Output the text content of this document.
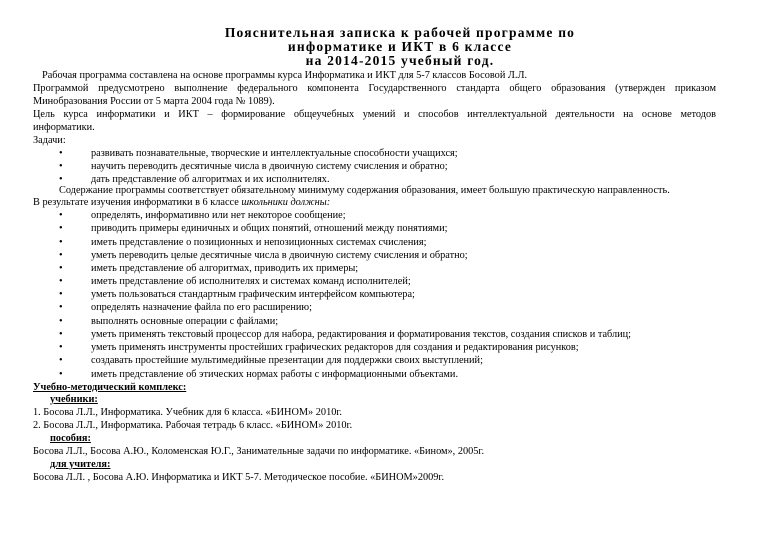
Пояснительная записка к рабочей программе по
информатике и ИКТ в 6 классе
на 2014-2015 учебный год.
Рабочая программа составлена на основе программы курса Информатика и ИКТ для 5-7 классов Босовой Л.Л.
Программой предусмотрено выполнение федерального компонента Государственного стандарта общего образования (утвержден приказом
Минобразования России от 5 марта 2004 года № 1089).
Цель курса информатики и ИКТ – формирование общеучебных умений и способов интеллектуальной деятельности на основе методов
информатики.
Задачи:
•	развивать познавательные, творческие и интеллектуальные способности учащихся;
•	научить переводить десятичные числа в двоичную систему счисления и обратно;
•	дать представление об алгоритмах и их исполнителях.
Содержание программы соответствует обязательному минимуму содержания образования, имеет большую практическую направленность.
В результате изучения информатики в 6 классе школьники должны:
•	определять, информативно или нет некоторое сообщение;
•	приводить примеры единичных и общих понятий, отношений между понятиями;
•	иметь представление о позиционных и непозиционных системах счисления;
•	уметь переводить целые десятичные числа в двоичную систему счисления и обратно;
•	иметь представление об алгоритмах, приводить их примеры;
•	иметь представление об исполнителях и системах команд исполнителей;
•	уметь пользоваться стандартным графическим интерфейсом компьютера;
•	определять назначение файла по его расширению;
•	выполнять основные операции с файлами;
•	уметь применять текстовый процессор для набора, редактирования и форматирования текстов, создания списков и таблиц;
•	уметь применять инструменты простейших графических редакторов для создания и редактирования рисунков;
•	создавать простейшие мультимедийные презентации для поддержки своих выступлений;
•	иметь представление об этических нормах работы с информационными объектами.
Учебно-методический комплекс:
учебники:
1. Босова Л.Л., Информатика. Учебник для 6 класса. «БИНОМ» 2010г.
2. Босова Л.Л., Информатика. Рабочая тетрадь 6 класс. «БИНОМ» 2010г.
пособия:
Босова Л.Л., Босова А.Ю., Коломенская Ю.Г., Занимательные задачи по информатике. «Бином», 2005г.
для учителя:
Босова Л.Л. , Босова А.Ю. Информатика и ИКТ 5-7. Методическое пособие. «БИНОМ»2009г.
